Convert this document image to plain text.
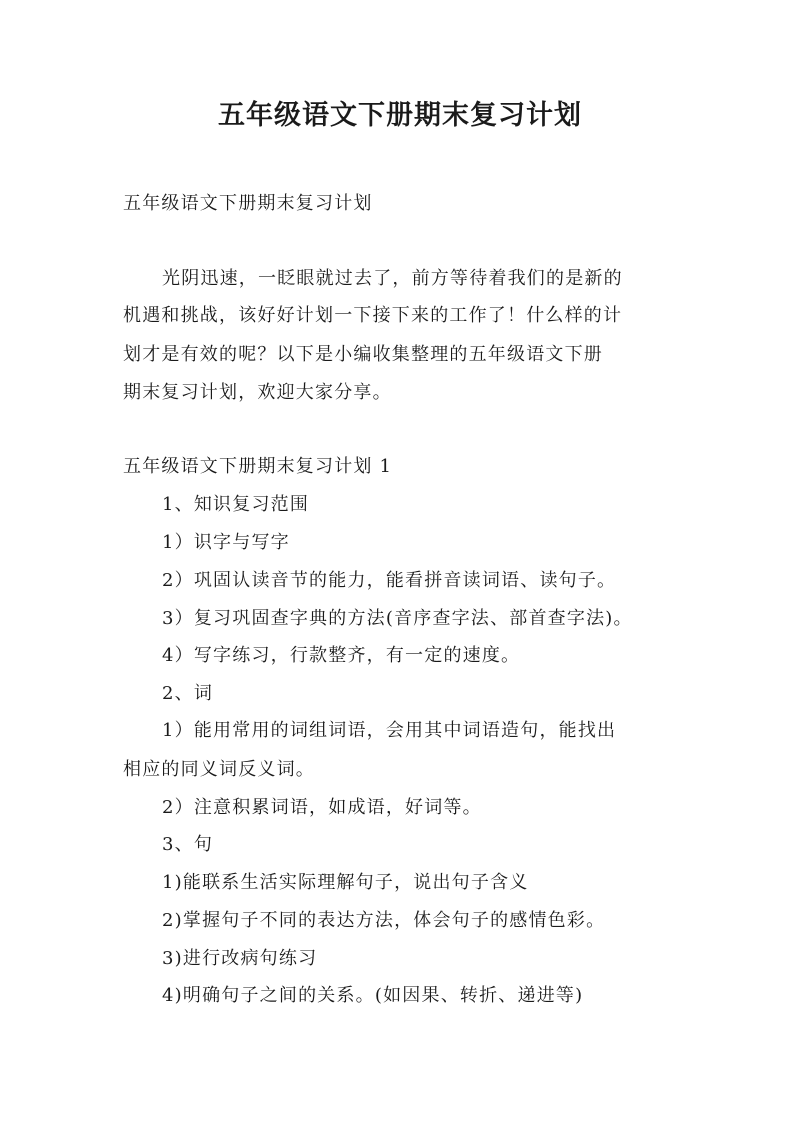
五年级语文下册期末复习计划

五年级语文下册期末复习计划

光阴迅速，一眨眼就过去了，前方等待着我们的是新的

机遇和挑战，该好好计划一下接下来的工作了！什么样的计

划才是有效的呢？以下是小编收集整理的五年级语文下册

期末复习计划，欢迎大家分享。

五年级语文下册期末复习计划 1

1、知识复习范围

1）识字与写字

2）巩固认读音节的能力，能看拼音读词语、读句子。

3）复习巩固查字典的方法(音序查字法、部首查字法)。

4）写字练习，行款整齐，有一定的速度。

2、词

1）能用常用的词组词语，会用其中词语造句，能找出

相应的同义词反义词。

2）注意积累词语，如成语，好词等。

3、句

1)能联系生活实际理解句子，说出句子含义

2)掌握句子不同的表达方法，体会句子的感情色彩。

3)进行改病句练习

4)明确句子之间的关系。(如因果、转折、递进等)
